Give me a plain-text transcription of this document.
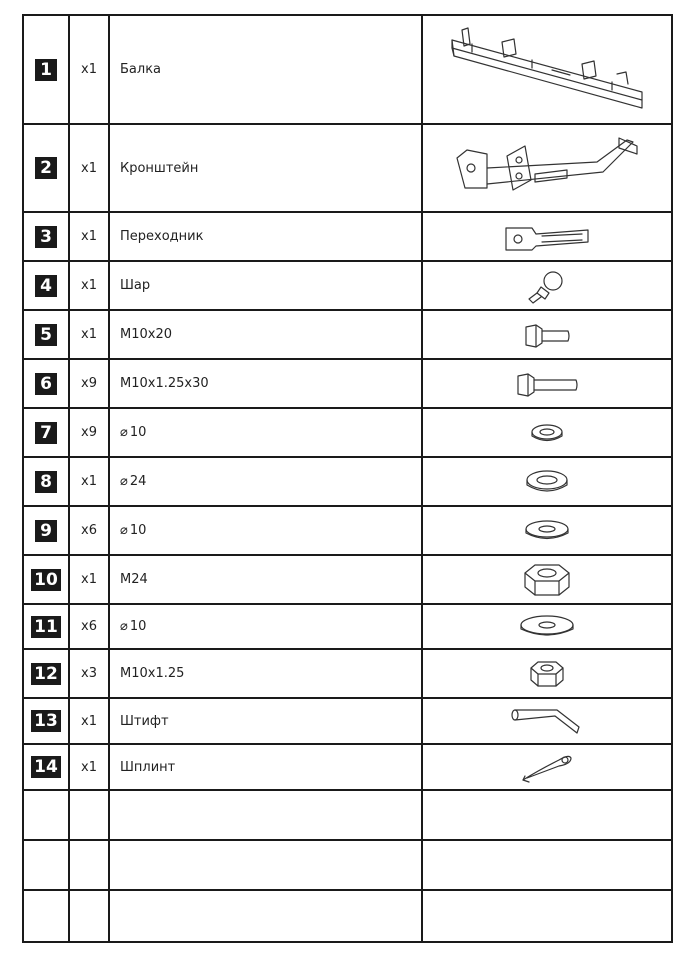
1	x1	Балка	

2	x1	Кронштейн	

3	x1	Переходник	

4	x1	Шар	

5	x1	M10x20	

6	x9	M10x1.25x30	

7	x9	⌀ 10	

8	x1	⌀ 24	

9	x6	⌀ 10	

10	x1	M24	

11	x6	⌀ 10	

12	x3	M10x1.25	

13	x1	Штифт	

14	x1	Шплинт	
